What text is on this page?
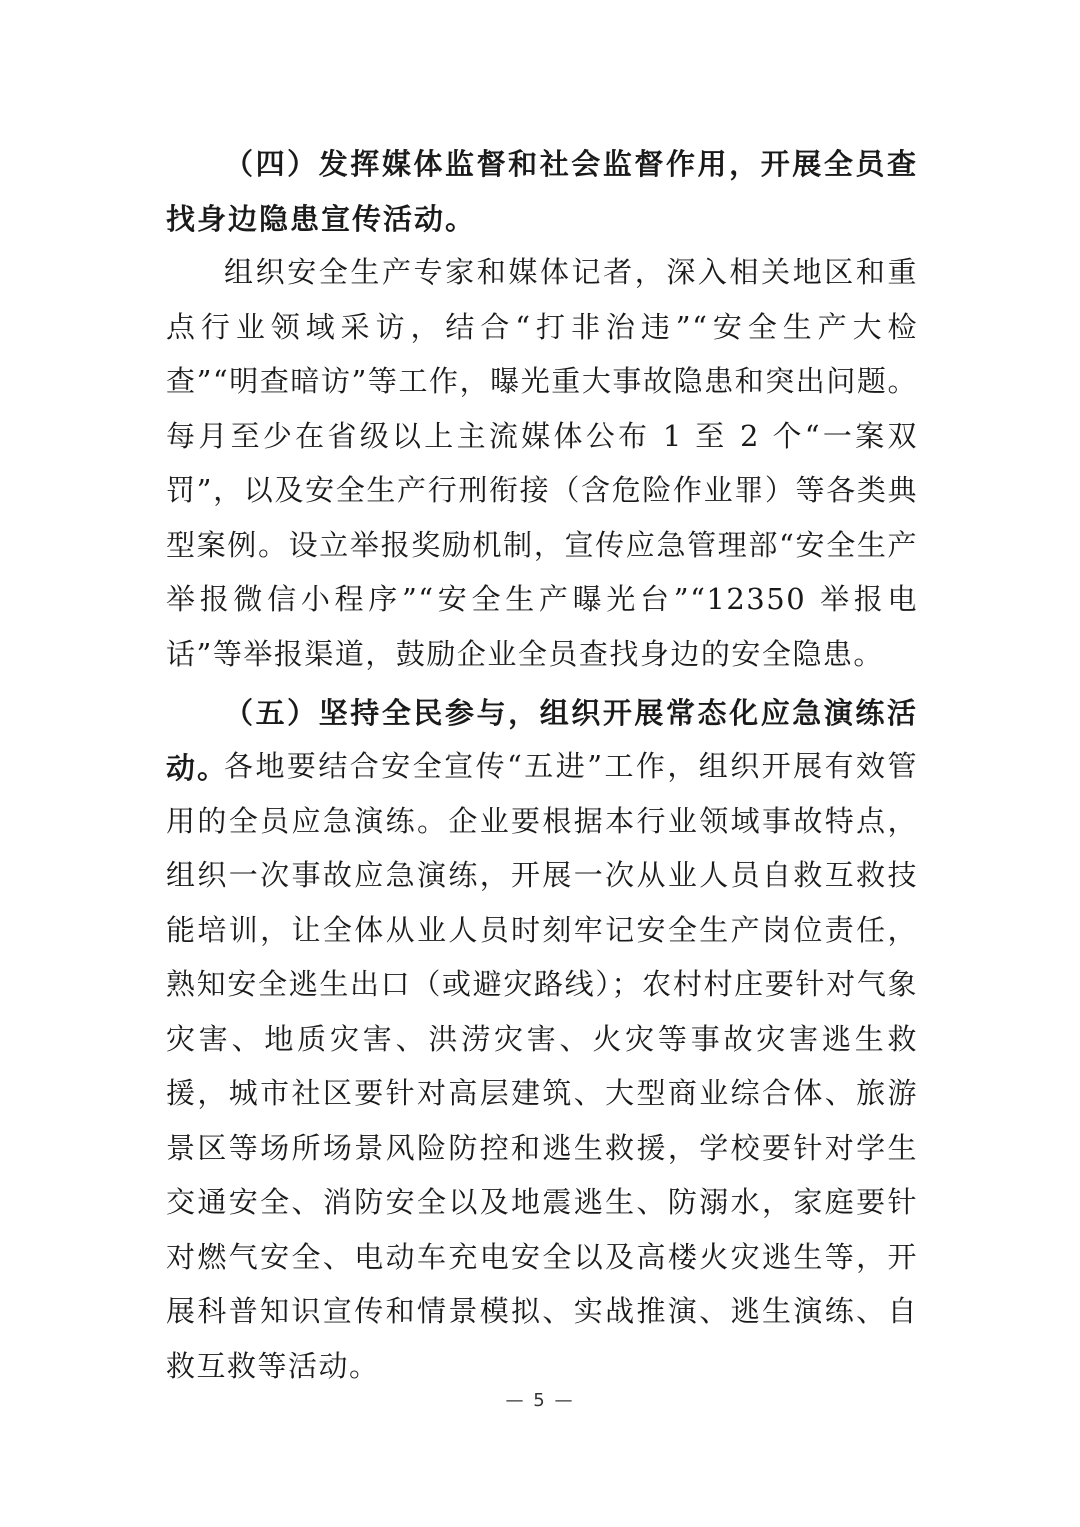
（四）发挥媒体监督和社会监督作用，开展全员查找身边隐患宣传活动。

组织安全生产专家和媒体记者，深入相关地区和重点行业领域采访，结合“打非治违”“安全生产大检查”“明查暗访”等工作，曝光重大事故隐患和突出问题。每月至少在省级以上主流媒体公布 1 至 2 个“一案双罚”，以及安全生产行刑衔接（含危险作业罪）等各类典型案例。设立举报奖励机制，宣传应急管理部“安全生产举报微信小程序”“安全生产曝光台”“12350 举报电话”等举报渠道，鼓励企业全员查找身边的安全隐患。

（五）坚持全民参与，组织开展常态化应急演练活动。

各地要结合安全宣传“五进”工作，组织开展有效管用的全员应急演练。企业要根据本行业领域事故特点，组织一次事故应急演练，开展一次从业人员自救互救技能培训，让全体从业人员时刻牢记安全生产岗位责任，熟知安全逃生出口（或避灾路线）；农村村庄要针对气象灾害、地质灾害、洪涝灾害、火灾等事故灾害逃生救援，城市社区要针对高层建筑、大型商业综合体、旅游景区等场所场景风险防控和逃生救援，学校要针对学生交通安全、消防安全以及地震逃生、防溺水，家庭要针对燃气安全、电动车充电安全以及高楼火灾逃生等，开展科普知识宣传和情景模拟、实战推演、逃生演练、自救互救等活动。

— 5 —
